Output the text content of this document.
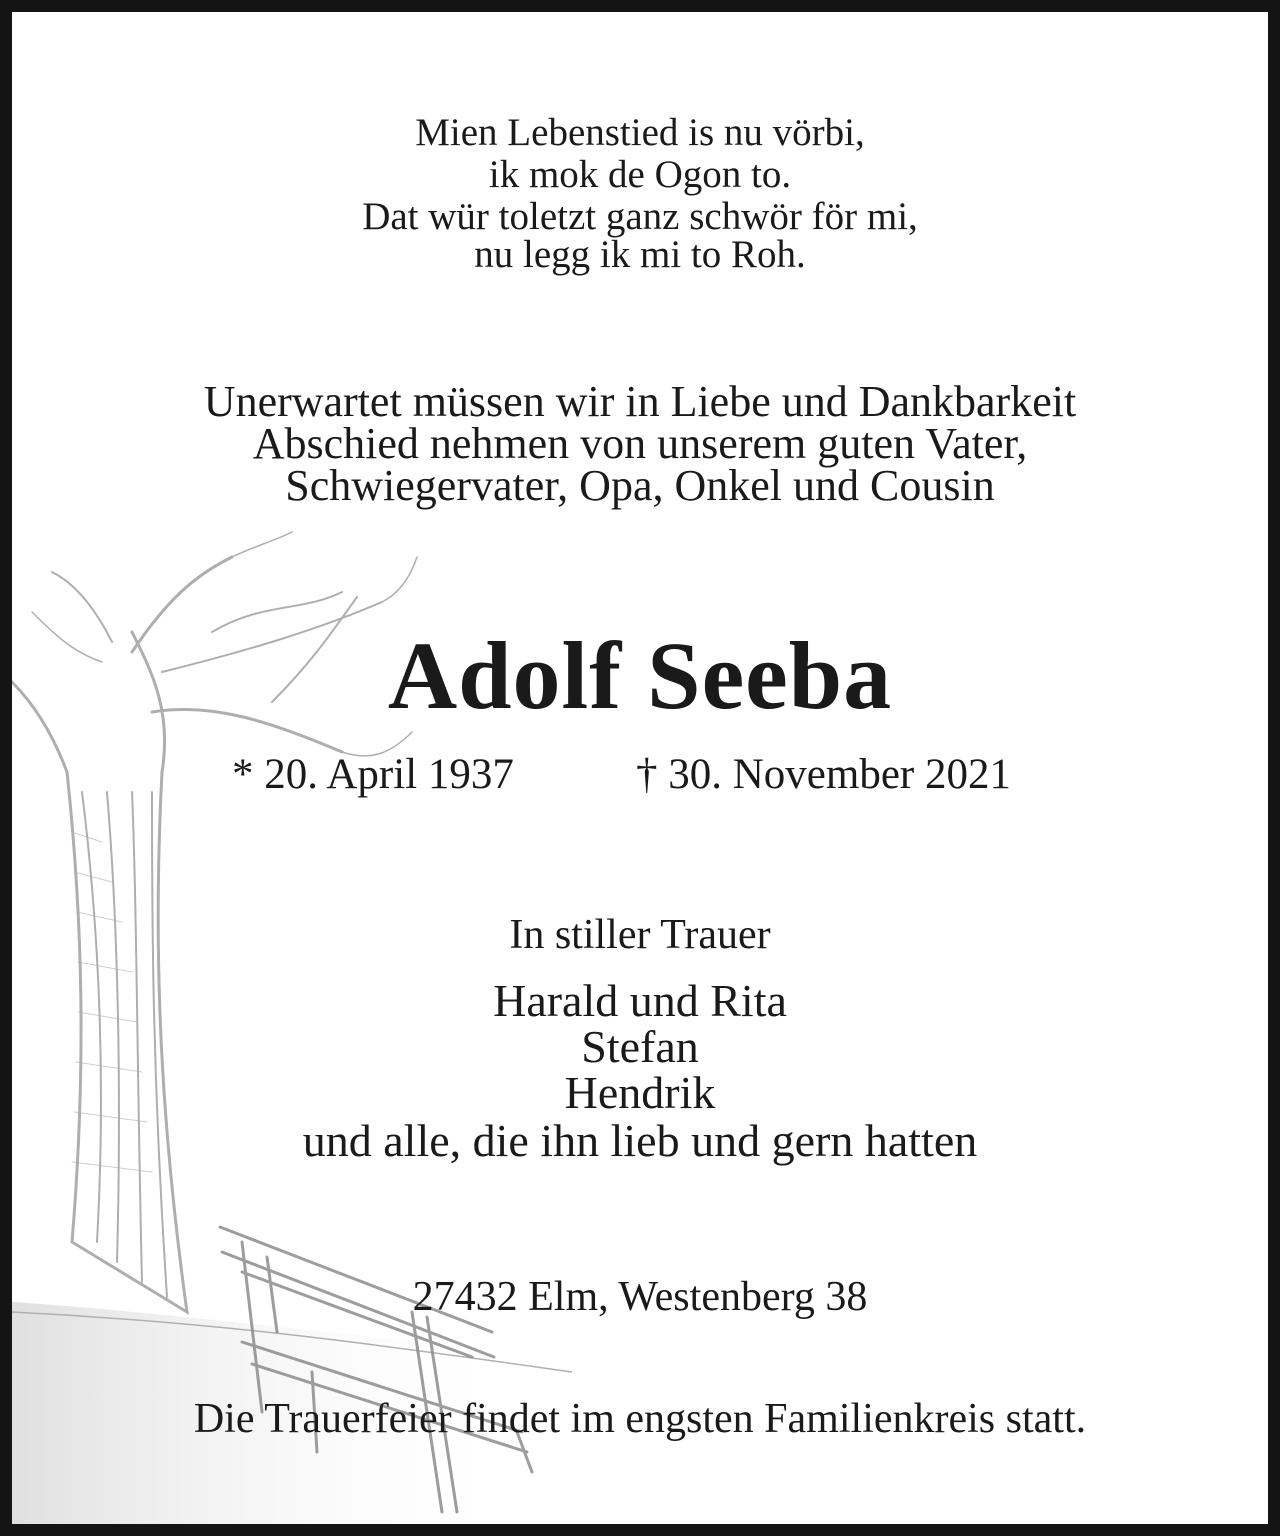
Mien Lebenstied is nu vörbi,
ik mok de Ogon to.
Dat wür toletzt ganz schwör för mi,
nu legg ik mi to Roh.
Unerwartet müssen wir in Liebe und Dankbarkeit
Abschied nehmen von unserem guten Vater,
Schwiegervater, Opa, Onkel und Cousin
Adolf Seeba
* 20. April 1937	† 30. November 2021
In stiller Trauer
Harald und Rita
Stefan
Hendrik
und alle, die ihn lieb und gern hatten
27432 Elm, Westenberg 38
Die Trauerfeier findet im engsten Familienkreis statt.
